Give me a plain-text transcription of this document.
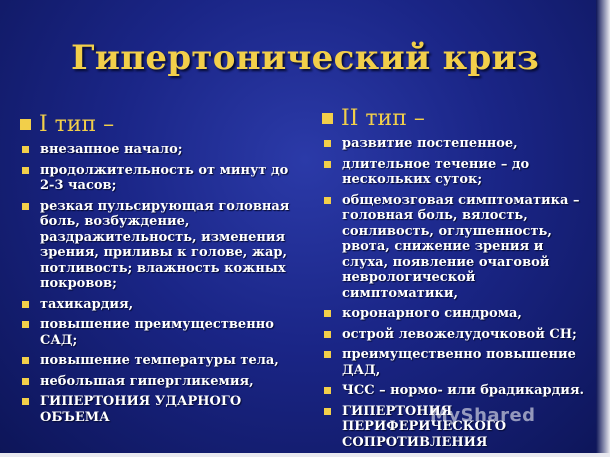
Гипертонический криз
I тип –
внезапное начало;
продолжительность от минут до 2-3 часов;
резкая пульсирующая головная боль, возбуждение, раздражительность, изменения зрения, приливы к голове, жар, потливость; влажность кожных покровов;
тахикардия,
повышение преимущественно САД;
повышение температуры тела,
небольшая гипергликемия,
ГИПЕРТОНИЯ УДАРНОГО ОБЪЕМА
II тип –
развитие постепенное,
длительное течение – до нескольких суток;
общемозговая симптоматика – головная боль, вялость, сонливость, оглушенность, рвота, снижение зрения и слуха, появление очаговой неврологической симптоматики,
коронарного синдрома,
острой левожелудочковой СН;
преимущественно повышение ДАД,
ЧСС – нормо- или брадикардия.
ГИПЕРТОНИЯ ПЕРИФЕРИЧЕСКОГО СОПРОТИВЛЕНИЯ
MyShared
